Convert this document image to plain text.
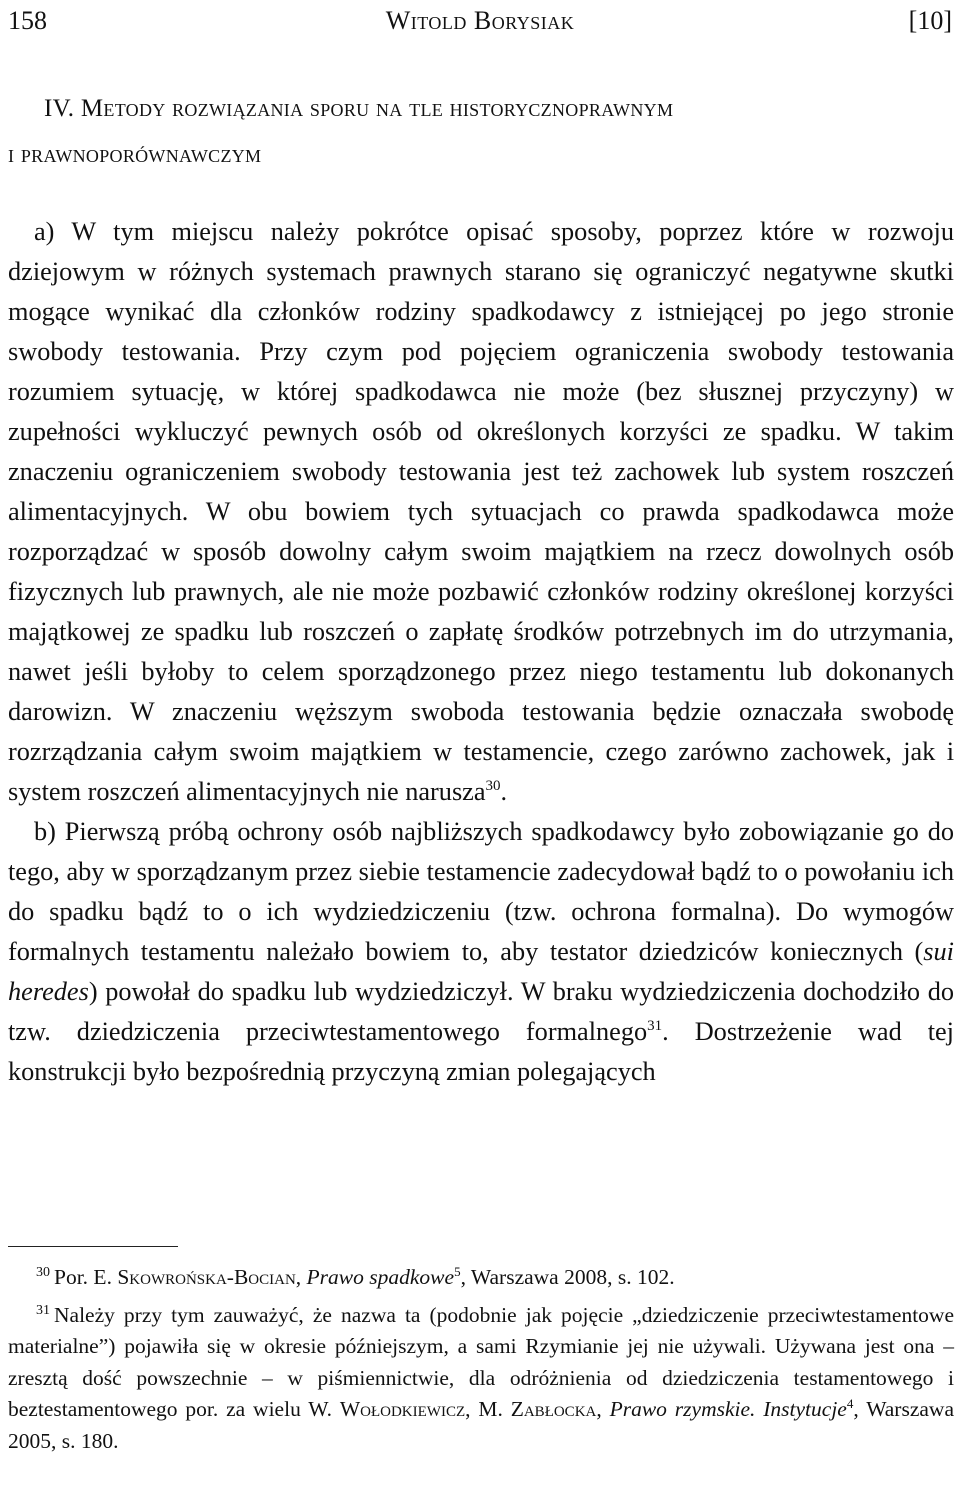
158	Witold Borysiak	[10]
IV. Metody rozwiązania sporu na tle historycznoprawnym
i prawnoporównawczym

a) W tym miejscu należy pokrótce opisać sposoby, poprzez które w rozwoju dziejowym w różnych systemach prawnych starano się ograniczyć negatywne skutki mogące wynikać dla członków rodziny spadkodawcy z istniejącej po jego stronie swobody testowania. Przy czym pod pojęciem ograniczenia swobody testowania rozumiem sytuację, w której spadkodawca nie może (bez słusznej przyczyny) w zupełności wykluczyć pewnych osób od określonych korzyści ze spadku. W takim znaczeniu ograniczeniem swobody testowania jest też zachowek lub system roszczeń alimentacyjnych. W obu bowiem tych sytuacjach co prawda spadkodawca może rozporządzać w sposób dowolny całym swoim majątkiem na rzecz dowolnych osób fizycznych lub prawnych, ale nie może pozbawić członków rodziny określonej korzyści majątkowej ze spadku lub roszczeń o zapłatę środków potrzebnych im do utrzymania, nawet jeśli byłoby to celem sporządzonego przez niego testamentu lub dokonanych darowizn. W znaczeniu węższym swoboda testowania będzie oznaczała swobodę rozrządzania całym swoim majątkiem w testamencie, czego zarówno zachowek, jak i system roszczeń alimentacyjnych nie narusza$^{30}$.

b) Pierwszą próbą ochrony osób najbliższych spadkodawcy było zobowiązanie go do tego, aby w sporządzanym przez siebie testamencie zadecydował bądź to o powołaniu ich do spadku bądź to o ich wydziedziczeniu (tzw. ochrona formalna). Do wymogów formalnych testamentu należało bowiem to, aby testator dziedziców koniecznych (sui heredes) powołał do spadku lub wydziedziczył. W braku wydziedziczenia dochodziło do tzw. dziedziczenia przeciwtestamentowego formalnego$^{31}$. Dostrzeżenie wad tej konstrukcji było bezpośrednią przyczyną zmian polegających

$^{30}$ Por. E. Skowrońska-Bocian, Prawo spadkowe$^5$, Warszawa 2008, s. 102.

$^{31}$ Należy przy tym zauważyć, że nazwa ta (podobnie jak pojęcie „dziedziczenie przeciwtestamentowe materialne”) pojawiła się w okresie późniejszym, a sami Rzymianie jej nie używali. Używana jest ona – zresztą dość powszechnie – w piśmiennictwie, dla odróżnienia od dziedziczenia testamentowego i beztestamentowego por. za wielu W. Wołodkiewicz, M. Zabłocka, Prawo rzymskie. Instytucje$^4$, Warszawa 2005, s. 180.
